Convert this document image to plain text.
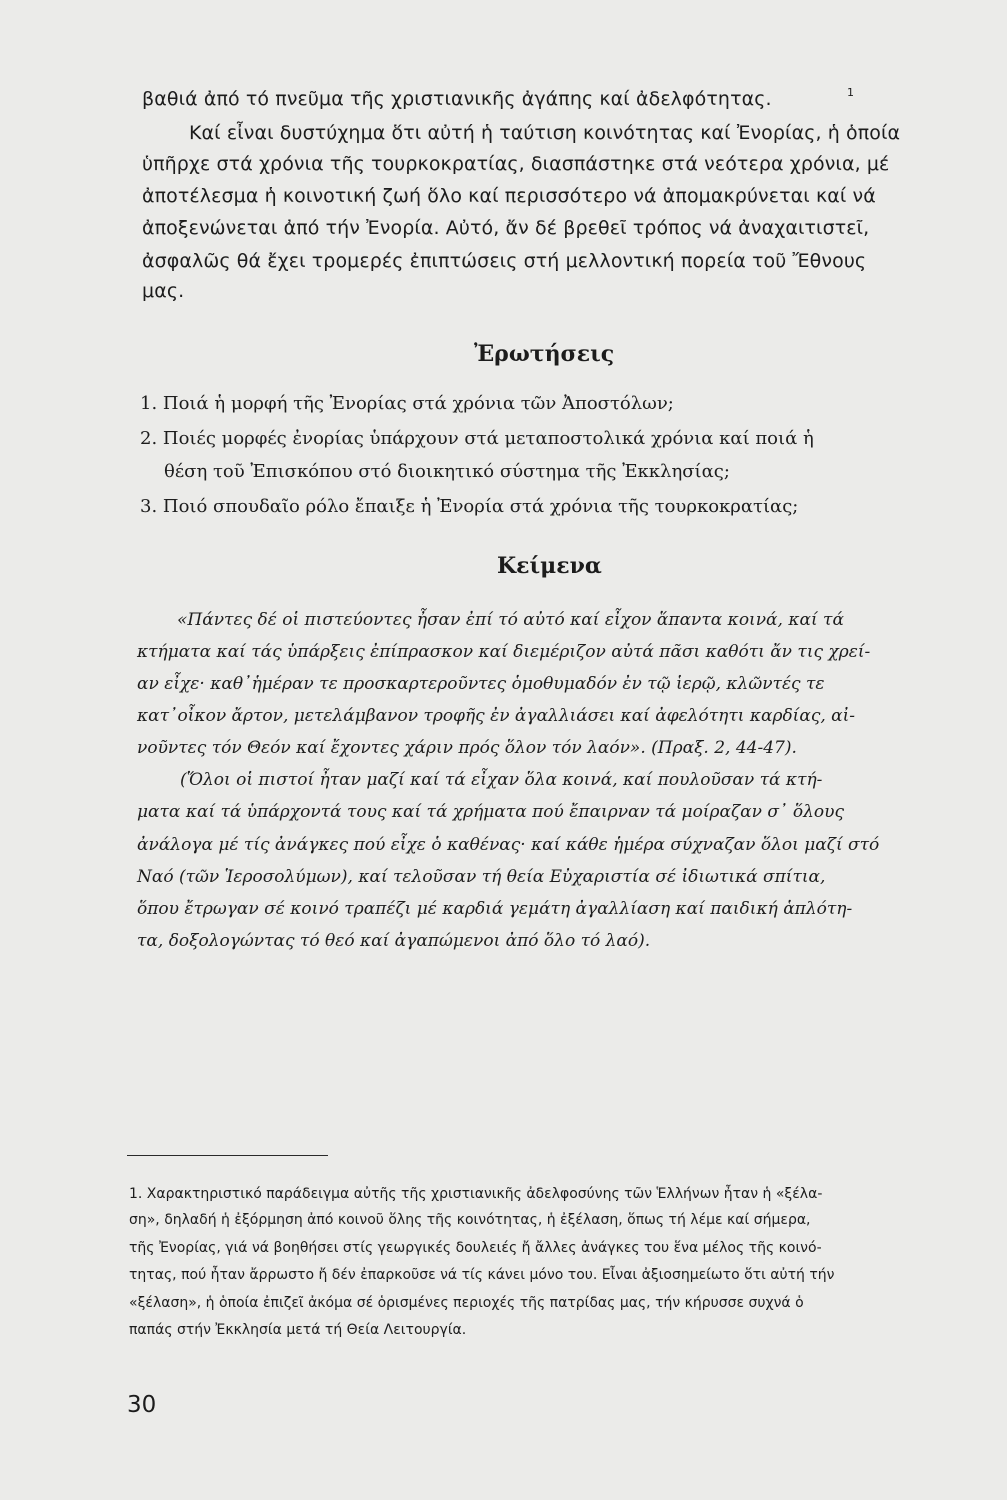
βαθιά ἀπό τό πνεῦμα τῆς χριστιανικῆς ἀγάπης καί ἀδελφότητας.	1

Καί εἶναι δυστύχημα ὅτι αὐτή ἡ ταύτιση κοινότητας καί Ἐνορίας, ἡ ὁποία

ὑπῆρχε στά χρόνια τῆς τουρκοκρατίας, διασπάστηκε στά νεότερα χρόνια, μέ

ἀποτέλεσμα ἡ κοινοτική ζωή ὅλο καί περισσότερο νά ἀπομακρύνεται καί νά

ἀποξενώνεται ἀπό τήν Ἐνορία. Αὐτό, ἄν δέ βρεθεῖ τρόπος νά ἀναχαιτιστεῖ,

ἀσφαλῶς θά ἔχει τρομερές ἐπιπτώσεις στή μελλοντική πορεία τοῦ Ἔθνους

μας.

Ἐρωτήσεις

1. Ποιά ἡ μορφή τῆς Ἐνορίας στά χρόνια τῶν Ἀποστόλων;

2. Ποιές μορφές ἐνορίας ὑπάρχουν στά μεταποστολικά χρόνια καί ποιά ἡ

θέση τοῦ Ἐπισκόπου στό διοικητικό σύστημα τῆς Ἐκκλησίας;

3. Ποιό σπουδαῖο ρόλο ἔπαιξε ἡ Ἐνορία στά χρόνια τῆς τουρκοκρατίας;

Κείμενα

«Πάντες δέ οἱ πιστεύοντες ἦσαν ἐπί τό αὐτό καί εἶχον ἅπαντα κοινά, καί τά

κτήματα καί τάς ὑπάρξεις ἐπίπρασκον καί διεμέριζον αὐτά πᾶσι καθότι ἄν τις χρεί-

αν εἶχε· καθ᾽ἡμέραν τε προσκαρτεροῦντες ὁμοθυμαδόν ἐν τῷ ἱερῷ, κλῶντές τε

κατ᾽οἶκον ἄρτον, μετελάμβανον τροφῆς ἐν ἀγαλλιάσει καί ἀφελότητι καρδίας, αἰ-

νοῦντες τόν Θεόν καί ἔχοντες χάριν πρός ὅλον τόν λαόν». (Πραξ. 2, 44-47).

(Ὅλοι οἱ πιστοί ἦταν μαζί καί τά εἶχαν ὅλα κοινά, καί πουλοῦσαν τά κτή-

ματα καί τά ὑπάρχοντά τους καί τά χρήματα πού ἔπαιρναν τά μοίραζαν σ᾽ ὅλους

ἀνάλογα μέ τίς ἀνάγκες πού εἶχε ὁ καθένας· καί κάθε ἡμέρα σύχναζαν ὅλοι μαζί στό

Ναό (τῶν Ἱεροσολύμων), καί τελοῦσαν τή θεία Εὐχαριστία σέ ἰδιωτικά σπίτια,

ὅπου ἔτρωγαν σέ κοινό τραπέζι μέ καρδιά γεμάτη ἀγαλλίαση καί παιδική ἁπλότη-

τα, δοξολογώντας τό θεό καί ἀγαπώμενοι ἀπό ὅλο τό λαό).

1. Χαρακτηριστικό παράδειγμα αὐτῆς τῆς χριστιανικῆς ἀδελφοσύνης τῶν Ἑλλήνων ἦταν ἡ «ξέλα-

ση», δηλαδή ἡ ἐξόρμηση ἀπό κοινοῦ ὅλης τῆς κοινότητας, ἡ ἐξέλαση, ὅπως τή λέμε καί σήμερα,

τῆς Ἐνορίας, γιά νά βοηθήσει στίς γεωργικές δουλειές ἤ ἄλλες ἀνάγκες του ἕνα μέλος τῆς κοινό-

τητας, πού ἦταν ἄρρωστο ἤ δέν ἐπαρκοῦσε νά τίς κάνει μόνο του. Εἶναι ἀξιοσημείωτο ὅτι αὐτή τήν

«ξέλαση», ἡ ὁποία ἐπιζεῖ ἀκόμα σέ ὁρισμένες περιοχές τῆς πατρίδας μας, τήν κήρυσσε συχνά ὁ

παπάς στήν Ἐκκλησία μετά τή Θεία Λειτουργία.

30
